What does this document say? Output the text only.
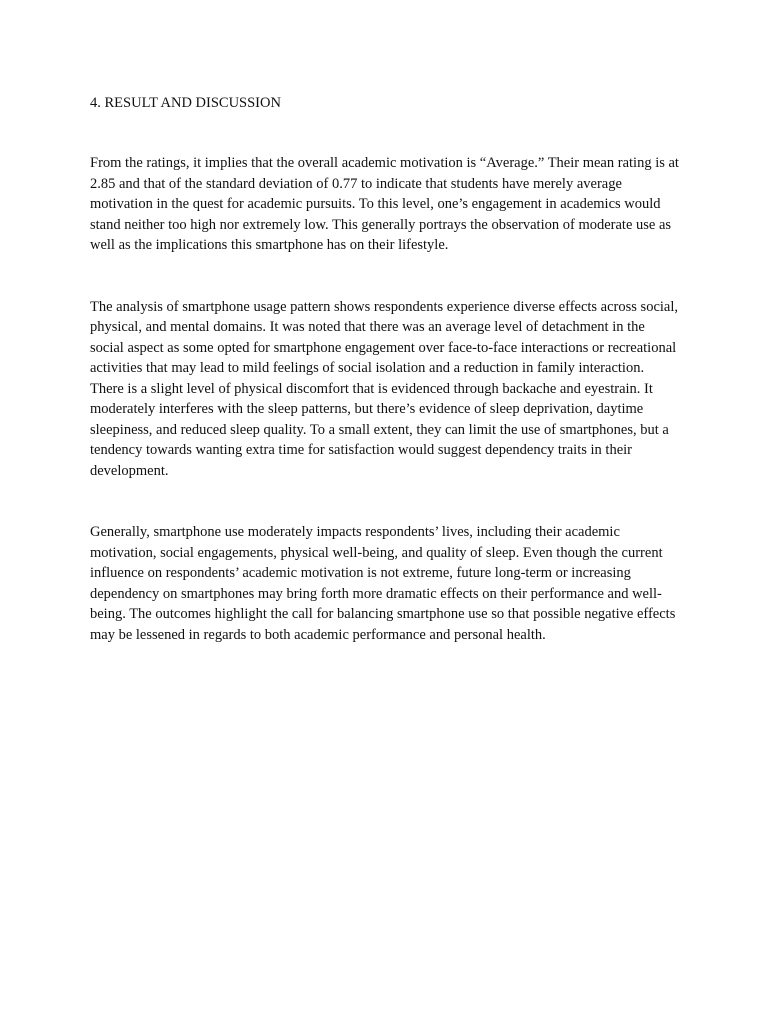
4. RESULT AND DISCUSSION

From the ratings, it implies that the overall academic motivation is “Average.” Their mean rating is at 2.85 and that of the standard deviation of 0.77 to indicate that students have merely average motivation in the quest for academic pursuits. To this level, one’s engagement in academics would stand neither too high nor extremely low. This generally portrays the observation of moderate use as well as the implications this smartphone has on their lifestyle.

The analysis of smartphone usage pattern shows respondents experience diverse effects across social, physical, and mental domains. It was noted that there was an average level of detachment in the social aspect as some opted for smartphone engagement over face-to-face interactions or recreational activities that may lead to mild feelings of social isolation and a reduction in family interaction. There is a slight level of physical discomfort that is evidenced through backache and eyestrain. It moderately interferes with the sleep patterns, but there’s evidence of sleep deprivation, daytime sleepiness, and reduced sleep quality. To a small extent, they can limit the use of smartphones, but a tendency towards wanting extra time for satisfaction would suggest dependency traits in their development.

Generally, smartphone use moderately impacts respondents’ lives, including their academic motivation, social engagements, physical well-being, and quality of sleep. Even though the current influence on respondents’ academic motivation is not extreme, future long-term or increasing dependency on smartphones may bring forth more dramatic effects on their performance and well-being. The outcomes highlight the call for balancing smartphone use so that possible negative effects may be lessened in regards to both academic performance and personal health.
